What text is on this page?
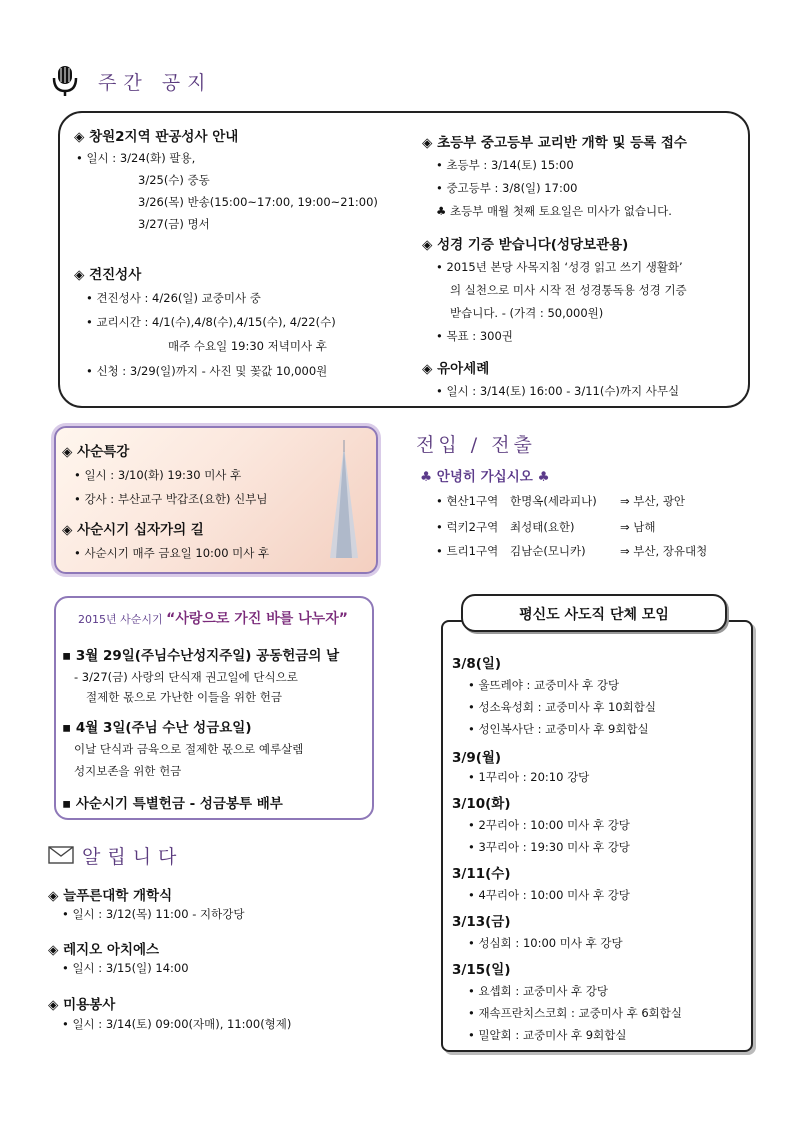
주간 공지
◈ 창원2지역 판공성사 안내
• 일시 : 3/24(화) 팔용,
3/25(수) 중동
3/26(목) 반송(15:00~17:00, 19:00~21:00)
3/27(금) 명서
◈ 견진성사
• 견진성사 : 4/26(일) 교중미사 중
• 교리시간 : 4/1(수),4/8(수),4/15(수), 4/22(수)
매주 수요일 19:30 저녁미사 후
• 신청 : 3/29(일)까지 - 사진 및 꽃값 10,000원
◈ 초등부 중고등부 교리반 개학 및 등록 접수
• 초등부 : 3/14(토) 15:00
• 중고등부 : 3/8(일) 17:00
♣ 초등부 매월 첫째 토요일은 미사가 없습니다.
◈ 성경 기증 받습니다(성당보관용)
• 2015년 본당 사목지침 ‘성경 읽고 쓰기 생활화’
의 실천으로 미사 시작 전 성경통독용 성경 기증
받습니다. - (가격 : 50,000원)
• 목표 : 300권
◈ 유아세례
• 일시 : 3/14(토) 16:00 - 3/11(수)까지 사무실
◈ 사순특강
• 일시 : 3/10(화) 19:30 미사 후
• 강사 : 부산교구 박갑조(요한) 신부님
◈ 사순시기 십자가의 길
• 사순시기 매주 금요일 10:00 미사 후
2015년 사순시기 “사랑으로 가진 바를 나누자”
▪ 3월 29일(주님수난성지주일) 공동헌금의 날
- 3/27(금) 사랑의 단식재 권고일에 단식으로
절제한 몫으로 가난한 이들을 위한 헌금
▪ 4월 3일(주님 수난 성금요일)
이날 단식과 금육으로 절제한 몫으로 예루살렘
성지보존을 위한 헌금
▪ 사순시기 특별헌금 - 성금봉투 배부
전입 / 전출
♣ 안녕히 가십시오 ♣
• 현산1구역 한명옥(세라피나) ⇒ 부산, 광안
• 럭키2구역 최성태(요한)	⇒ 남해
• 트리1구역 김남순(모니카)	⇒ 부산, 장유대청
알립니다
◈ 늘푸른대학 개학식
• 일시 : 3/12(목) 11:00 - 지하강당
◈ 레지오 아치에스
• 일시 : 3/15(일) 14:00
◈ 미용봉사
• 일시 : 3/14(토) 09:00(자매), 11:00(형제)
평신도 사도직 단체 모임
3/8(일)
• 울뜨레야 : 교중미사 후 강당
• 성소육성회 : 교중미사 후 10회합실
• 성인복사단 : 교중미사 후 9회합실
3/9(월)
• 1꾸리아 : 20:10 강당
3/10(화)
• 2꾸리아 : 10:00 미사 후 강당
• 3꾸리아 : 19:30 미사 후 강당
3/11(수)
• 4꾸리아 : 10:00 미사 후 강당
3/13(금)
• 성심회 : 10:00 미사 후 강당
3/15(일)
• 요셉회 : 교중미사 후 강당
• 재속프란치스코회 : 교중미사 후 6회합실
• 밀알회 : 교중미사 후 9회합실
